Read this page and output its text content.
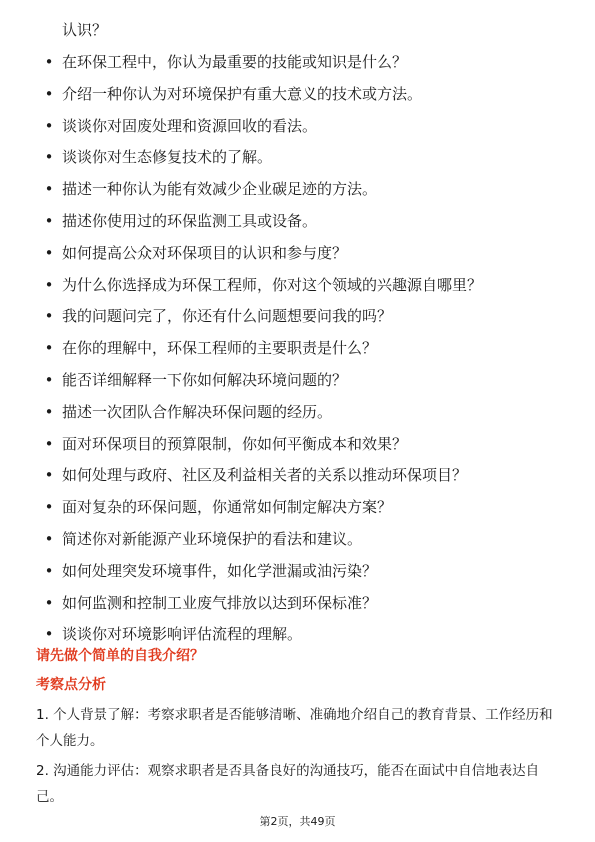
认识？
• 在环保工程中，你认为最重要的技能或知识是什么？
• 介绍一种你认为对环境保护有重大意义的技术或方法。
• 谈谈你对固废处理和资源回收的看法。
• 谈谈你对生态修复技术的了解。
• 描述一种你认为能有效减少企业碳足迹的方法。
• 描述你使用过的环保监测工具或设备。
• 如何提高公众对环保项目的认识和参与度？
• 为什么你选择成为环保工程师，你对这个领域的兴趣源自哪里？
• 我的问题问完了，你还有什么问题想要问我的吗？
• 在你的理解中，环保工程师的主要职责是什么？
• 能否详细解释一下你如何解决环境问题的？
• 描述一次团队合作解决环保问题的经历。
• 面对环保项目的预算限制，你如何平衡成本和效果？
• 如何处理与政府、社区及利益相关者的关系以推动环保项目？
• 面对复杂的环保问题，你通常如何制定解决方案？
• 简述你对新能源产业环境保护的看法和建议。
• 如何处理突发环境事件，如化学泄漏或油污染？
• 如何监测和控制工业废气排放以达到环保标准？
• 谈谈你对环境影响评估流程的理解。
请先做个简单的自我介绍？
考察点分析

1. 个人背景了解：考察求职者是否能够清晰、准确地介绍自己的教育背景、工作经历和个人能力。

2. 沟通能力评估：观察求职者是否具备良好的沟通技巧，能否在面试中自信地表达自己。

第2页，共49页
